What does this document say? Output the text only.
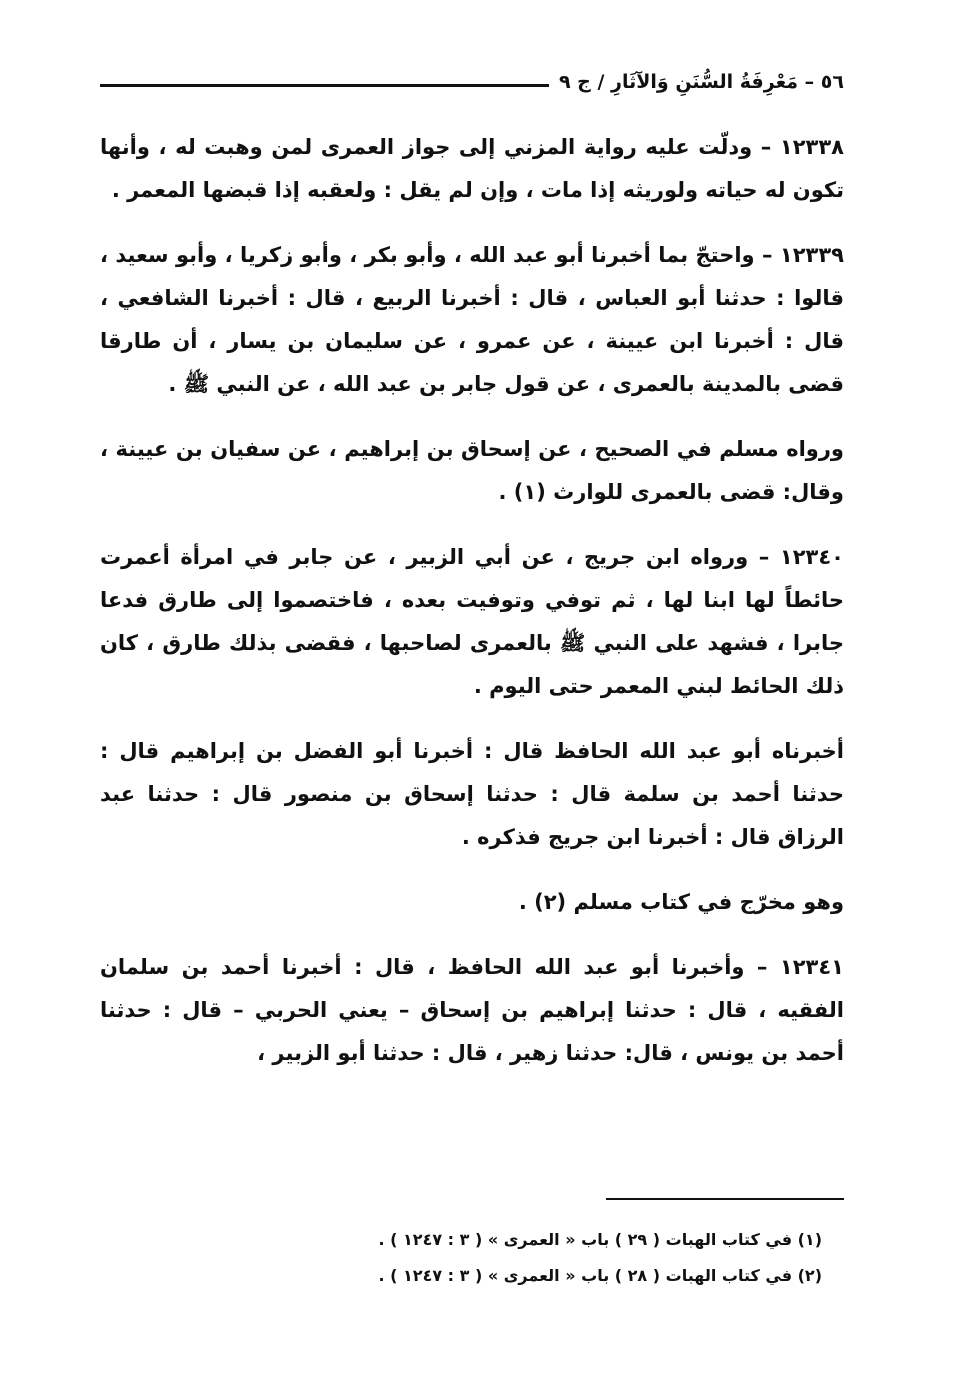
٥٦ – مَعْرِفَةُ السُّنَنِ وَالآثَارِ / ج ٩

١٢٣٣٨ – ودلّت عليه رواية المزني إلى جواز العمرى لمن وهبت له ، وأنها تكون له حياته ولوريثه إذا مات ، وإن لم يقل : ولعقبه إذا قبضها المعمر .

١٢٣٣٩ – واحتجّ بما أخبرنا أبو عبد الله ، وأبو بكر ، وأبو زكريا ، وأبو سعيد ، قالوا : حدثنا أبو العباس ، قال : أخبرنا الربيع ، قال : أخبرنا الشافعي ، قال : أخبرنا ابن عيينة ، عن عمرو ، عن سليمان بن يسار ، أن طارقا قضى بالمدينة بالعمرى ، عن قول جابر بن عبد الله ، عن النبي ﷺ .

ورواه مسلم في الصحيح ، عن إسحاق بن إبراهيم ، عن سفيان بن عيينة ، وقال: قضى بالعمرى للوارث (١) .

١٢٣٤٠ – ورواه ابن جريج ، عن أبي الزبير ، عن جابر في امرأة أعمرت حائطاً لها ابنا لها ، ثم توفي وتوفيت بعده ، فاختصموا إلى طارق فدعا جابرا ، فشهد على النبي ﷺ بالعمرى لصاحبها ، فقضى بذلك طارق ، كان ذلك الحائط لبني المعمر حتى اليوم .

أخبرناه أبو عبد الله الحافظ قال : أخبرنا أبو الفضل بن إبراهيم قال : حدثنا أحمد بن سلمة قال : حدثنا إسحاق بن منصور قال : حدثنا عبد الرزاق قال : أخبرنا ابن جريج فذكره .

وهو مخرّج في كتاب مسلم (٢) .

١٢٣٤١ – وأخبرنا أبو عبد الله الحافظ ، قال : أخبرنا أحمد بن سلمان الفقيه ، قال : حدثنا إبراهيم بن إسحاق – يعني الحربي – قال : حدثنا أحمد بن يونس ، قال: حدثنا زهير ، قال : حدثنا أبو الزبير ،

(١) في كتاب الهبات ( ٢٩ ) باب « العمرى » ( ٣ : ١٢٤٧ ) .
(٢) في كتاب الهبات ( ٢٨ ) باب « العمرى » ( ٣ : ١٢٤٧ ) .
